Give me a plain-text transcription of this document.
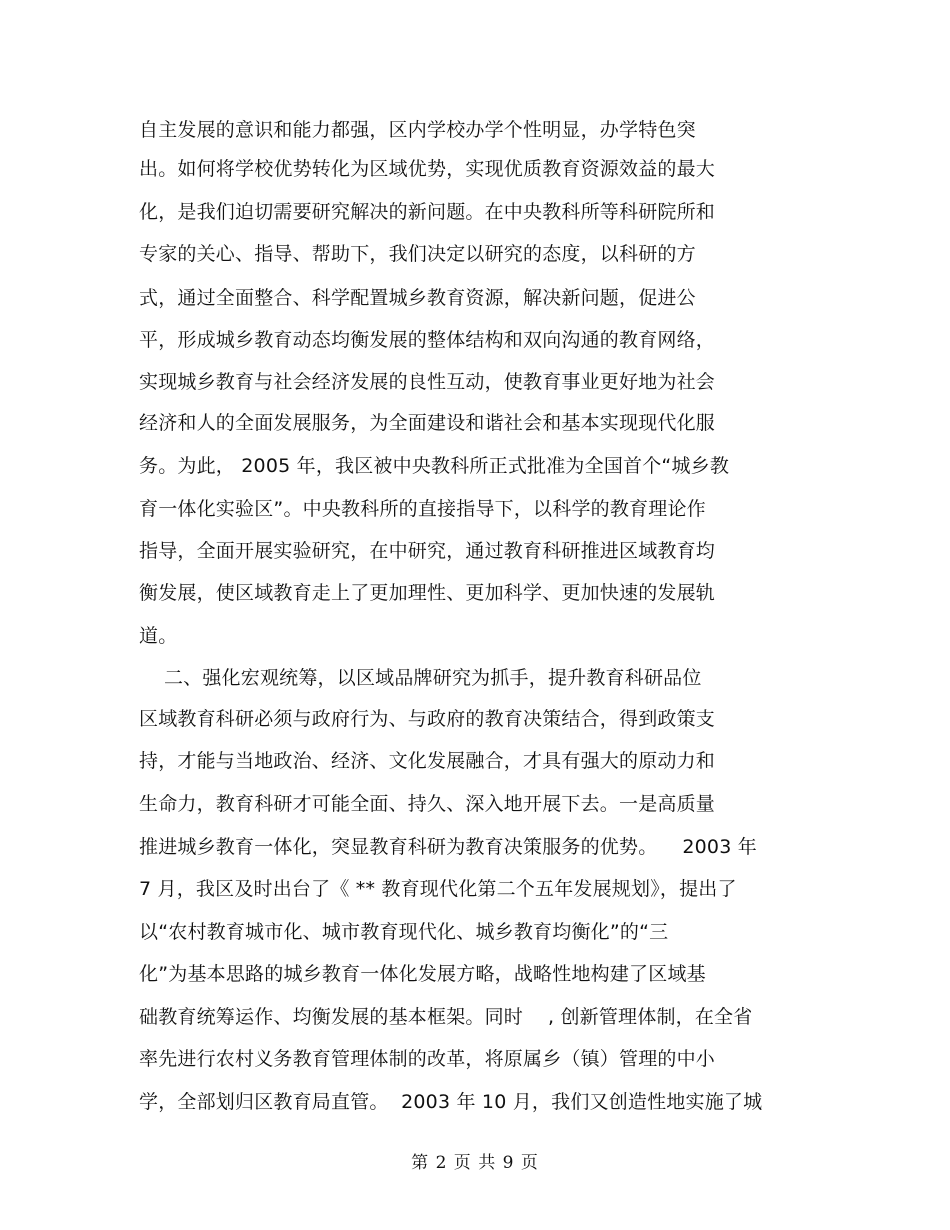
自主发展的意识和能力都强，区内学校办学个性明显，办学特色突
出。如何将学校优势转化为区域优势，实现优质教育资源效益的最大
化，是我们迫切需要研究解决的新问题。在中央教科所等科研院所和
专家的关心、指导、帮助下，我们决定以研究的态度，以科研的方
式，通过全面整合、科学配置城乡教育资源，解决新问题，促进公
平，形成城乡教育动态均衡发展的整体结构和双向沟通的教育网络，
实现城乡教育与社会经济发展的良性互动，使教育事业更好地为社会
经济和人的全面发展服务，为全面建设和谐社会和基本实现现代化服
务。为此， 2005 年，我区被中央教科所正式批准为全国首个“城乡教
育一体化实验区”。中央教科所的直接指导下，以科学的教育理论作
指导，全面开展实验研究，在中研究，通过教育科研推进区域教育均
衡发展，使区域教育走上了更加理性、更加科学、更加快速的发展轨
道。
二、强化宏观统筹，以区域品牌研究为抓手，提升教育科研品位
区域教育科研必须与政府行为、与政府的教育决策结合，得到政策支
持，才能与当地政治、经济、文化发展融合，才具有强大的原动力和
生命力，教育科研才可能全面、持久、深入地开展下去。一是高质量
推进城乡教育一体化，突显教育科研为教育决策服务的优势。    2003 年
7 月，我区及时出台了《 ** 教育现代化第二个五年发展规划》，提出了
以“农村教育城市化、城市教育现代化、城乡教育均衡化”的“三
化”为基本思路的城乡教育一体化发展方略，战略性地构建了区域基
础教育统筹运作、均衡发展的基本框架。同时    , 创新管理体制，在全省
率先进行农村义务教育管理体制的改革，将原属乡（镇）管理的中小
学，全部划归区教育局直管。  2003 年 10 月，我们又创造性地实施了城
第 2 页 共 9 页
